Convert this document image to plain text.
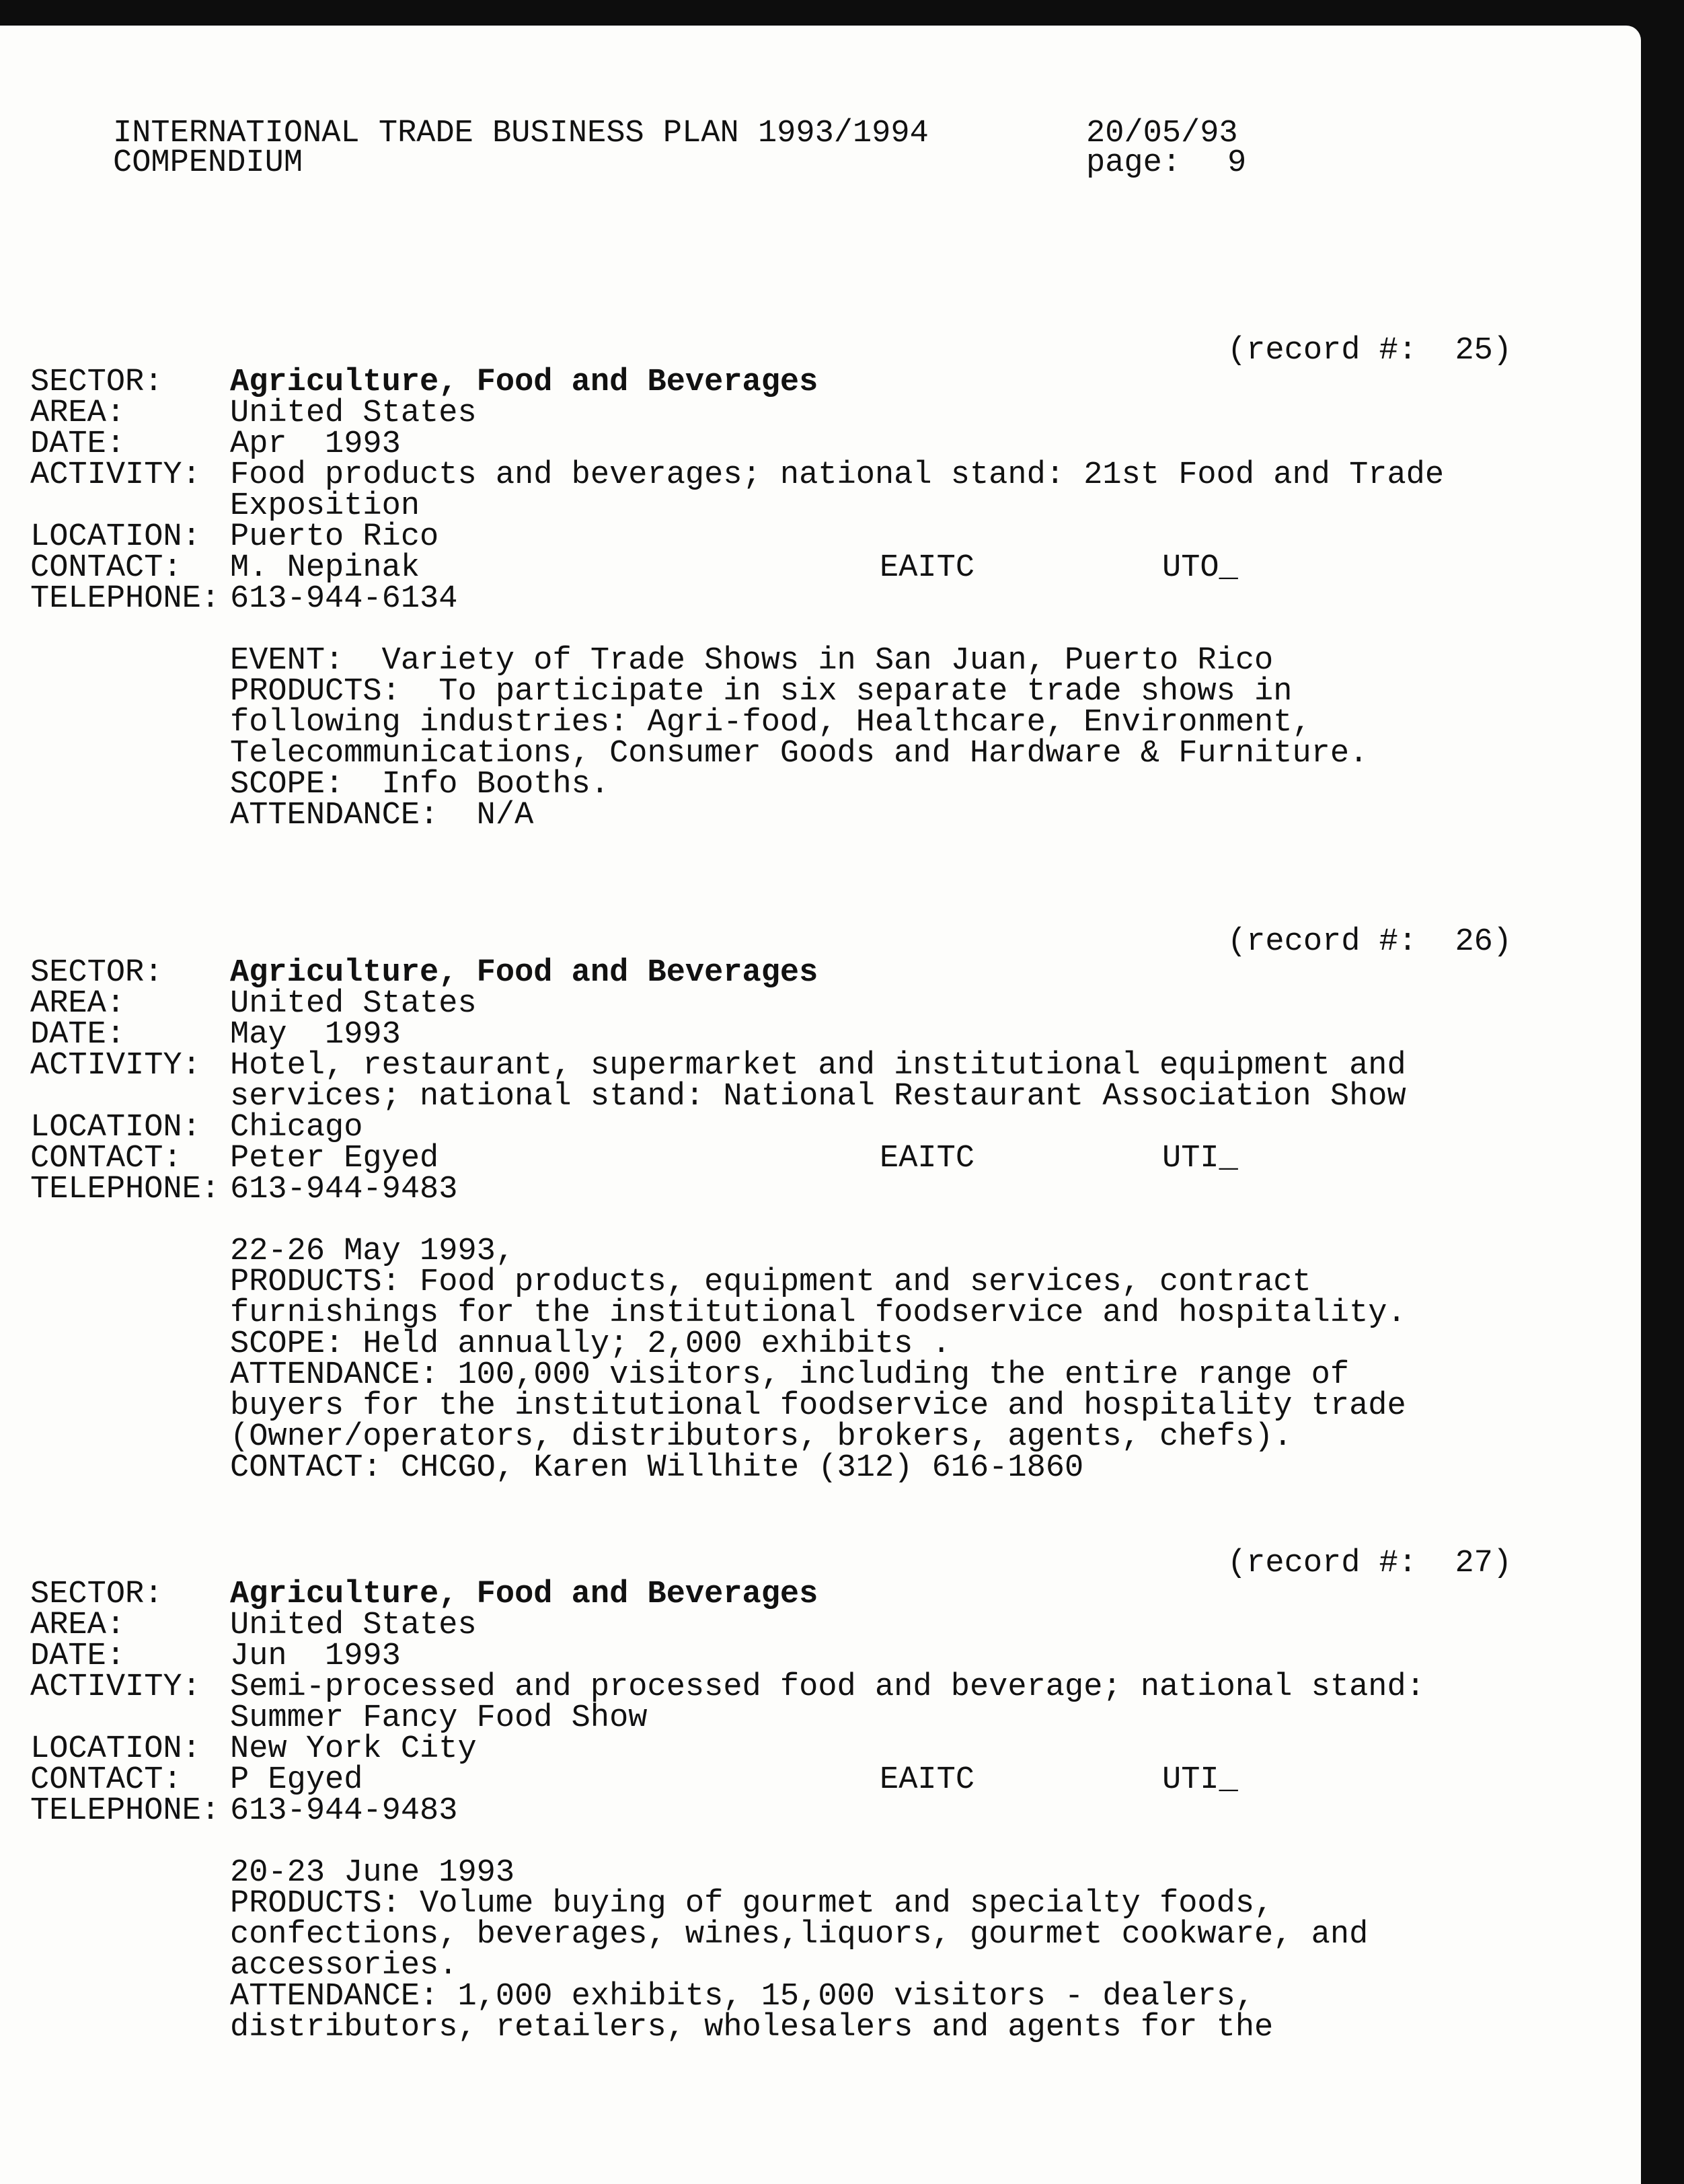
INTERNATIONAL TRADE BUSINESS PLAN 1993/1994
COMPENDIUM
20/05/93
page: 9
(record #:  25)
SECTOR: Agriculture, Food and Beverages
AREA:	United States
DATE:	Apr  1993
ACTIVITY: Food products and beverages; national stand: 21st Food and Trade
Exposition
LOCATION: Puerto Rico
CONTACT: M. Nepinak	EAITC	UTO_
TELEPHONE: 613-944-6134
EVENT:  Variety of Trade Shows in San Juan, Puerto Rico
PRODUCTS:  To participate in six separate trade shows in
following industries: Agri-food, Healthcare, Environment,
Telecommunications, Consumer Goods and Hardware & Furniture.
SCOPE:  Info Booths.
ATTENDANCE:  N/A
(record #:  26)
SECTOR: Agriculture, Food and Beverages
AREA:	United States
DATE:	May  1993
ACTIVITY: Hotel, restaurant, supermarket and institutional equipment and
services; national stand: National Restaurant Association Show
LOCATION: Chicago
CONTACT: Peter Egyed	EAITC	UTI_
TELEPHONE: 613-944-9483
22-26 May 1993,
PRODUCTS: Food products, equipment and services, contract
furnishings for the institutional foodservice and hospitality.
SCOPE: Held annually; 2,000 exhibits .
ATTENDANCE: 100,000 visitors, including the entire range of
buyers for the institutional foodservice and hospitality trade
(Owner/operators, distributors, brokers, agents, chefs).
CONTACT: CHCGO, Karen Willhite (312) 616-1860
(record #:  27)
SECTOR: Agriculture, Food and Beverages
AREA:	United States
DATE:	Jun  1993
ACTIVITY: Semi-processed and processed food and beverage; national stand:
Summer Fancy Food Show
LOCATION: New York City
CONTACT: P Egyed	EAITC	UTI_
TELEPHONE: 613-944-9483
20-23 June 1993
PRODUCTS: Volume buying of gourmet and specialty foods,
confections, beverages, wines,liquors, gourmet cookware, and
accessories.
ATTENDANCE: 1,000 exhibits, 15,000 visitors - dealers,
distributors, retailers, wholesalers and agents for the
